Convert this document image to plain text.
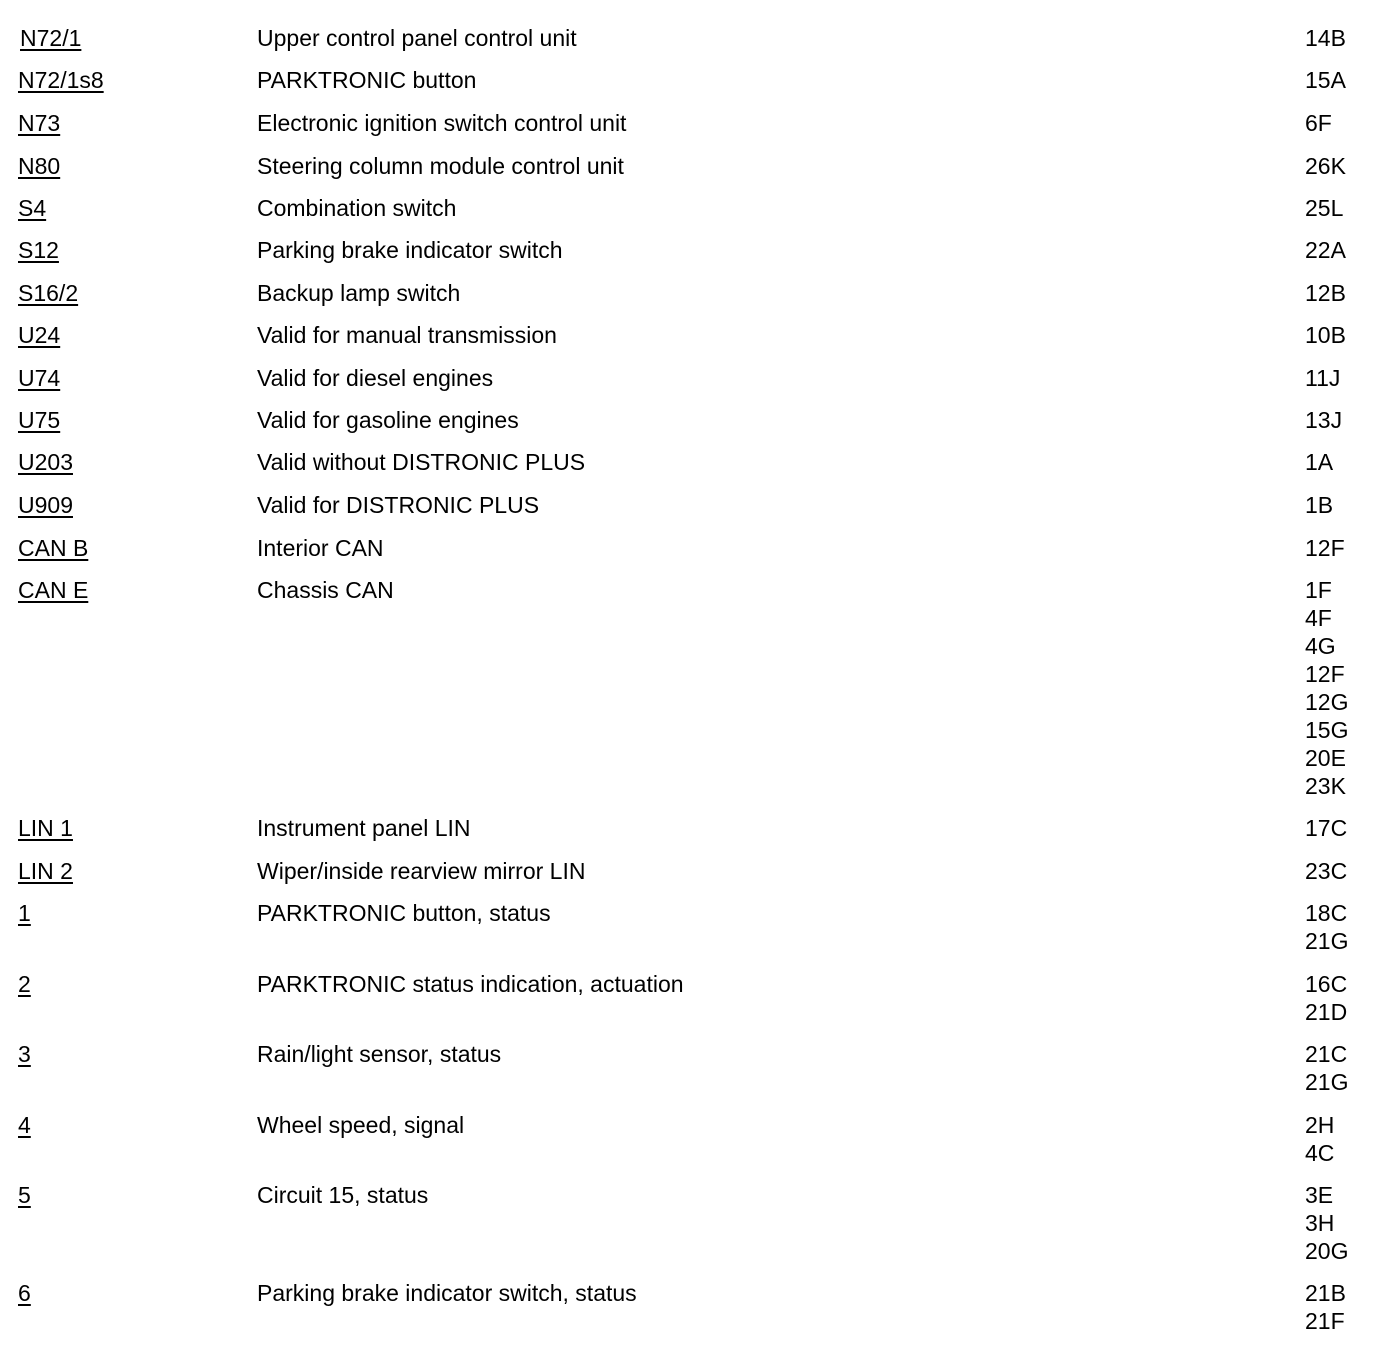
N72/1	Upper control panel control unit	14B
N72/1s8	PARKTRONIC button	15A
N73	Electronic ignition switch control unit	6F
N80	Steering column module control unit	26K
S4	Combination switch	25L
S12	Parking brake indicator switch	22A
S16/2	Backup lamp switch	12B
U24	Valid for manual transmission	10B
U74	Valid for diesel engines	11J
U75	Valid for gasoline engines	13J
U203	Valid without DISTRONIC PLUS	1A
U909	Valid for DISTRONIC PLUS	1B
CAN B	Interior CAN	12F
CAN E	Chassis CAN	1F
4F
4G
12F
12G
15G
20E
23K
LIN 1	Instrument panel LIN	17C
LIN 2	Wiper/inside rearview mirror LIN	23C
1	PARKTRONIC button, status	18C
21G
2	PARKTRONIC status indication, actuation	16C
21D
3	Rain/light sensor, status	21C
21G
4	Wheel speed, signal	2H
4C
5	Circuit 15, status	3E
3H
20G
6	Parking brake indicator switch, status	21B
21F
